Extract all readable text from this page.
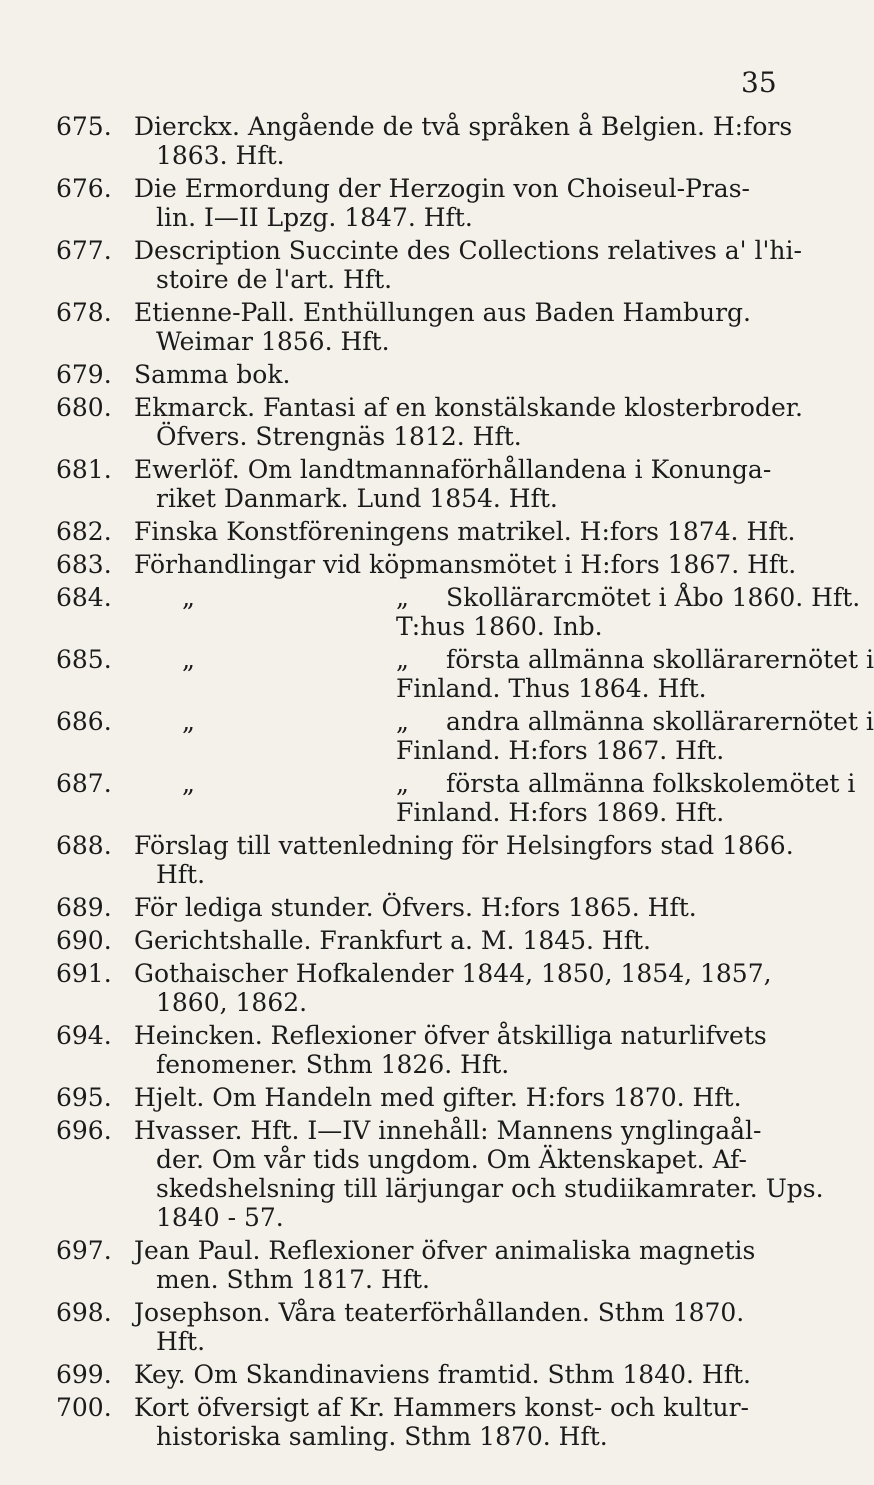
35
675. Dierckx. Angående de två språken å Belgien. H:fors
1863. Hft.
676. Die Ermordung der Herzogin von Choiseul-Pras-
lin. I—II Lpzg. 1847. Hft.
677. Description Succinte des Collections relatives a' l'hi-
stoire de l'art. Hft.
678. Etienne-Pall. Enthüllungen aus Baden Hamburg.
Weimar 1856. Hft.
679. Samma bok.
680. Ekmarck. Fantasi af en konstälskande klosterbroder.
Öfvers. Strengnäs 1812. Hft.
681. Ewerlöf. Om landtmannaförhållandena i Konunga-
riket Danmark. Lund 1854. Hft.
682. Finska Konstföreningens matrikel. H:fors 1874. Hft.
683. Förhandlingar vid köpmansmötet i H:fors 1867. Hft.
684.	„	„ Skollärarcmötet i Åbo 1860. Hft.
T:hus 1860. Inb.
685.	„	„ första allmänna skollärarernötet i
Finland. Thus 1864. Hft.
686.	„	„ andra allmänna skollärarernötet i
Finland. H:fors 1867. Hft.
687.	„	„ första allmänna folkskolemötet i
Finland. H:fors 1869. Hft.
688. Förslag till vattenledning för Helsingfors stad 1866.
Hft.
689. För lediga stunder. Öfvers. H:fors 1865. Hft.
690. Gerichtshalle. Frankfurt a. M. 1845. Hft.
691. Gothaischer Hofkalender 1844, 1850, 1854, 1857,
1860, 1862.
694. Heincken. Reflexioner öfver åtskilliga naturlifvets
fenomener. Sthm 1826. Hft.
695. Hjelt. Om Handeln med gifter. H:fors 1870. Hft.
696. Hvasser. Hft. I—IV innehåll: Mannens ynglingaål-
der. Om vår tids ungdom. Om Äktenskapet. Af-
skedshelsning till lärjungar och studiikamrater. Ups.
1840 - 57.
697. Jean Paul. Reflexioner öfver animaliska magnetis
men. Sthm 1817. Hft.
698. Josephson. Våra teaterförhållanden. Sthm 1870.
Hft.
699. Key. Om Skandinaviens framtid. Sthm 1840. Hft.
700. Kort öfversigt af Kr. Hammers konst- och kultur-
historiska samling. Sthm 1870. Hft.
